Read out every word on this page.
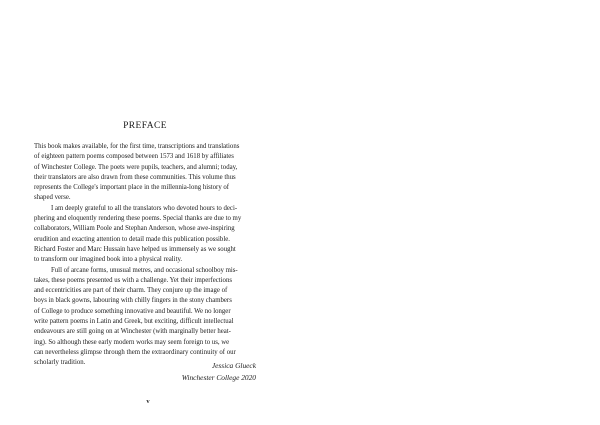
PREFACE
This book makes available, for the first time, transcriptions and translations
of eighteen pattern poems composed between 1573 and 1618 by affiliates
of Winchester College. The poets were pupils, teachers, and alumni; today,
their translators are also drawn from these communities. This volume thus
represents the College's important place in the millennia-long history of
shaped verse.
I am deeply grateful to all the translators who devoted hours to deci-
phering and eloquently rendering these poems. Special thanks are due to my
collaborators, William Poole and Stephan Anderson, whose awe-inspiring
erudition and exacting attention to detail made this publication possible.
Richard Foster and Marc Hussain have helped us immensely as we sought
to transform our imagined book into a physical reality.
Full of arcane forms, unusual metres, and occasional schoolboy mis-
takes, these poems presented us with a challenge. Yet their imperfections
and eccentricities are part of their charm. They conjure up the image of
boys in black gowns, labouring with chilly fingers in the stony chambers
of College to produce something innovative and beautiful. We no longer
write pattern poems in Latin and Greek, but exciting, difficult intellectual
endeavours are still going on at Winchester (with marginally better heat-
ing). So although these early modern works may seem foreign to us, we
can nevertheless glimpse through them the extraordinary continuity of our
scholarly tradition.	Jessica Glueck
Winchester College 2020
v
